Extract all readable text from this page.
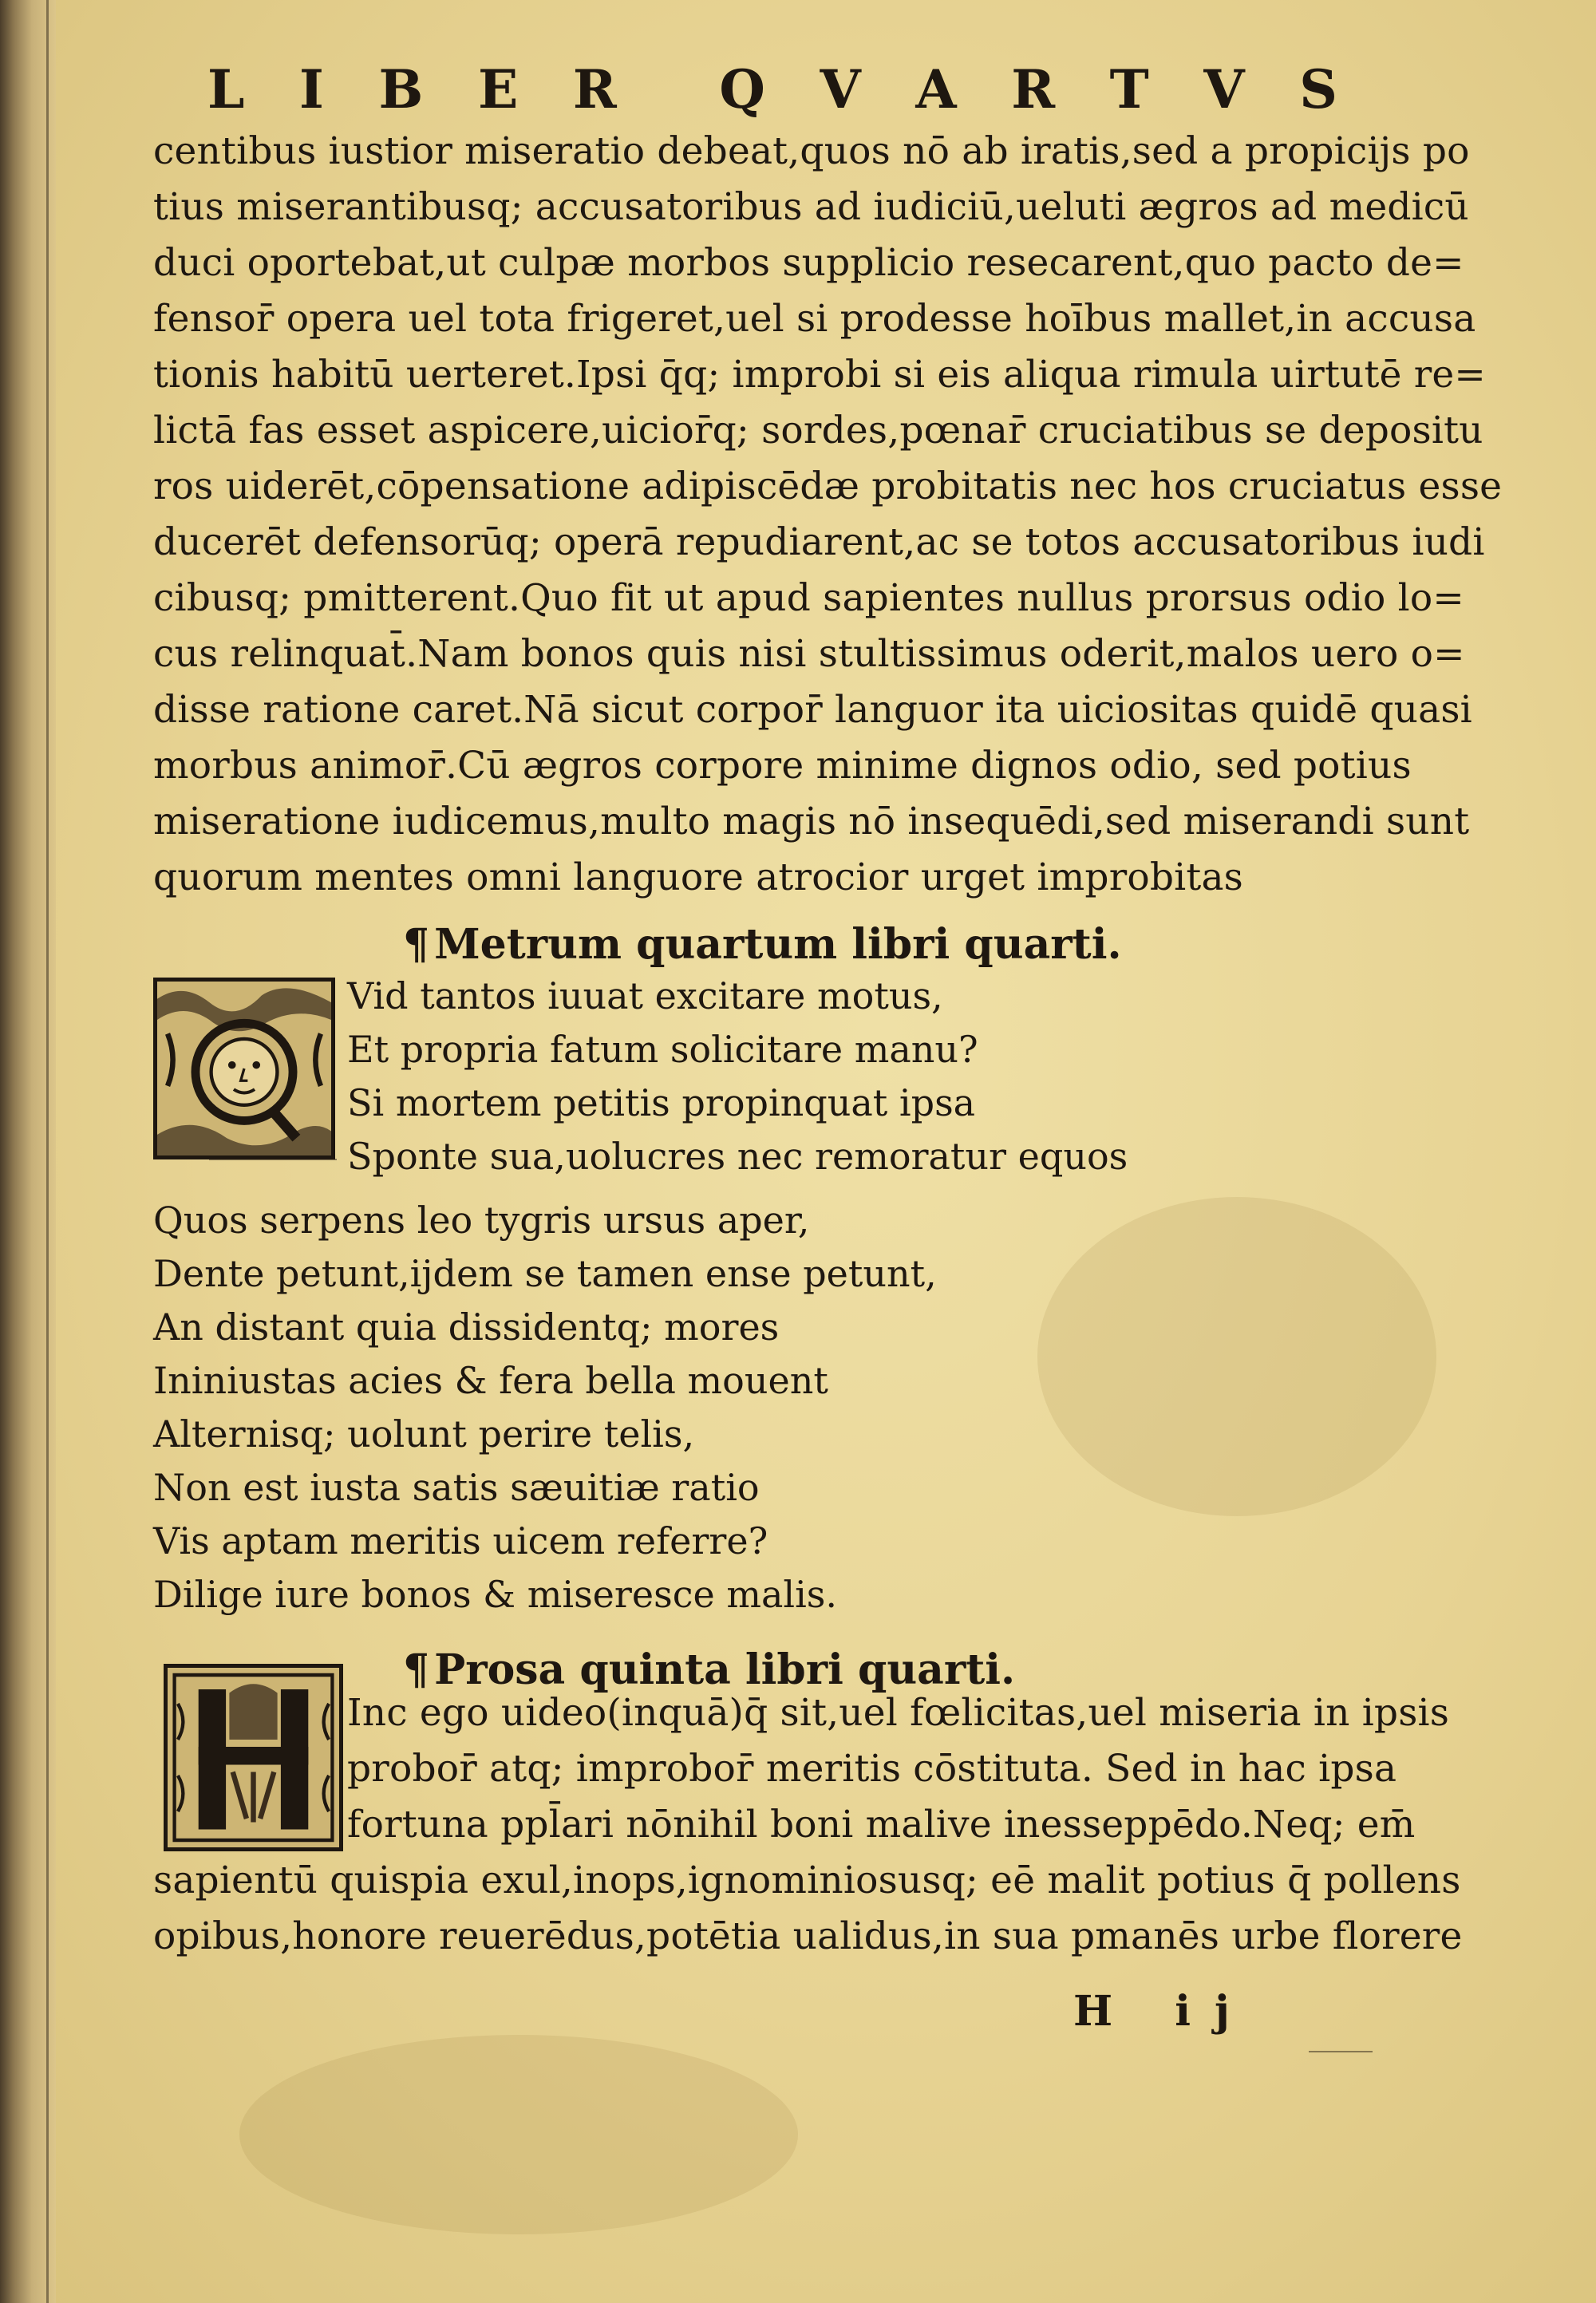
L I B E R Q V A R T V S
centibus iustior miseratio debeat,quos nō ab iratis,sed a propicijs po
tius miserantibusq; accusatoribus ad iudiciū,ueluti ægros ad medicū
duci oportebat,ut culpæ morbos supplicio resecarent,quo pacto de=
fensor̄ opera uel tota frigeret,uel si prodesse hoībus mallet,in accusa
tionis habitū uerteret.Ipsi q̄q; improbi si eis aliqua rimula uirtutē re=
lictā fas esset aspicere,uicior̄q; sordes,pœnar̄ cruciatibus se depositu
ros uiderēt,cōpensatione adipiscēdæ probitatis nec hos cruciatus esse
ducerēt defensorūq; operā repudiarent,ac se totos accusatoribus iudi
cibusq; pmitterent.Quo fit ut apud sapientes nullus prorsus odio lo=
cus relinquat̄.Nam bonos quis nisi stultissimus oderit,malos uero o=
disse ratione caret.Nā sicut corpor̄ languor ita uiciositas quidē quasi
morbus animor̄.Cū ægros corpore minime dignos odio, sed potius
miseratione iudicemus,multo magis nō insequēdi,sed miserandi sunt
quorum mentes omni languore atrocior urget improbitas
¶ Metrum quartum libri quarti.
Vid tantos iuuat excitare motus,
Et propria fatum solicitare manu?
Si mortem petitis propinquat ipsa
Sponte sua,uolucres nec remoratur equos
Quos serpens leo tygris ursus aper,
Dente petunt,ijdem se tamen ense petunt,
An distant quia dissidentq; mores
Ininiustas acies & fera bella mouent
Alternisq; uolunt perire telis,
Non est iusta satis sæuitiæ ratio
Vis aptam meritis uicem referre?
Dilige iure bonos & miseresce malis.
¶ Prosa quinta libri quarti.
Inc ego uideo(inquā)q̄ sit,uel fœlicitas,uel miseria in ipsis
probor̄ atq; improbor̄ meritis cōstituta. Sed in hac ipsa
fortuna ppl̄ari nōnihil boni malive inesseppēdo.Neq; em̄
sapientū quispia exul,inops,ignominiosusq; eē malit potius q̄ pollens
opibus,honore reuerēdus,potētia ualidus,in sua pmanēs urbe florere
H ij
